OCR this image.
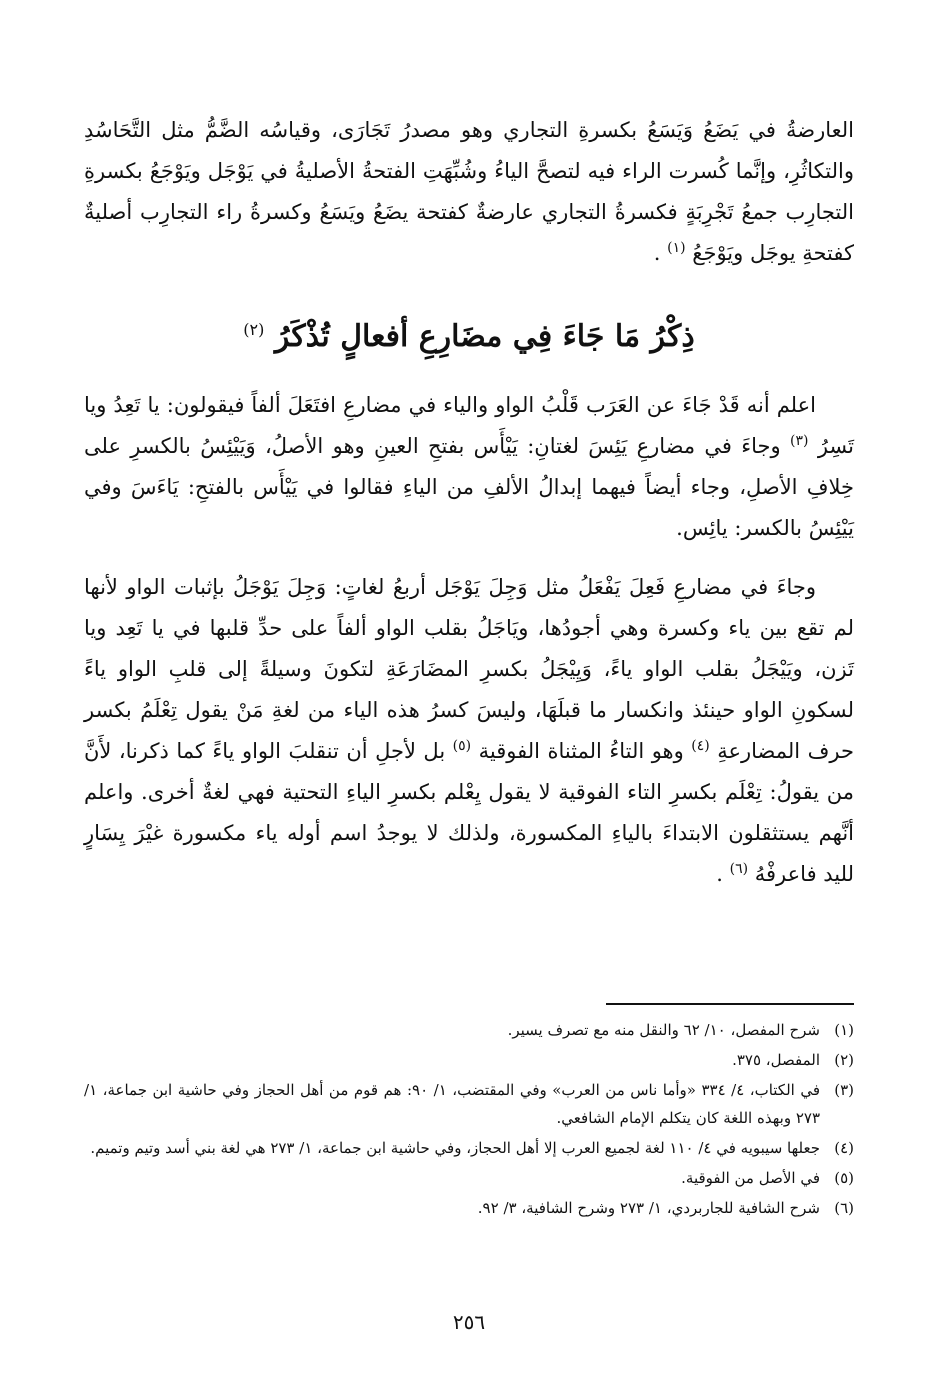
العارضةُ في يَضَعُ وَيَسَعُ بكسرةِ التجاري وهو مصدرُ تَجَارَى، وقياسُه الضَّمُّ مثل التَّحَاسُدِ والتكاثُرِ، وإنَّما كُسرت الراء فيه لتصحَّ الياءُ وشُبِّهَتِ الفتحةُ الأصليةُ في يَوْجَل ويَوْجَعُ بكسرةِ التجارِب جمعُ تَجْرِبَةٍ فكسرةُ التجاري عارضةٌ كفتحة يضَعُ ويَسَعُ وكسرةُ راء التجارِب أصليةٌ كفتحةِ يوجَل ويَوْجَعُ $^{(١)}$ .

ذِكْرُ مَا جَاءَ فِي مضَارِعِ أفعالٍ تُذْكَرُ $^{(٢)}$

اعلم أنه قَدْ جَاءَ عن العَرَب قَلْبُ الواو والياء في مضارعِ افتَعَلَ ألفاً فيقولون: يا تَعِدُ ويا تَسِرُ $^{(٣)}$ وجاءَ في مضارعِ يَئِسَ لغتانِ: يَيْأَس بفتحِ العينِ وهو الأصلُ، وَيَيْئِسُ بالكسرِ على خِلافِ الأصلِ، وجاء أيضاً فيهما إبدالُ الألفِ من الياءِ فقالوا في يَيْأَس بالفتحِ: يَاءَسَ وفي يَيْئِسُ بالكسر: يائِس.

وجاءَ في مضارعِ فَعِلَ يَفْعَلُ مثل وَجِلَ يَوْجَل أربعُ لغاتٍ: وَجِلَ يَوْجَلُ بإثبات الواو لأنها لم تقع بين ياء وكسرة وهي أجودُها، ويَاجَلُ بقلب الواو ألفاً على حدِّ قلبها في يا تَعِد ويا تَزن، ويَيْجَلُ بقلب الواو ياءً، وَيِيْجَلُ بكسرِ المضَارَعَةِ لتكونَ وسيلةً إلى قلبِ الواو ياءً لسكونِ الواو حينئذ وانكسار ما قبلَهَا، وليسَ كسرُ هذه الياء من لغةِ مَنْ يقول تِعْلَمُ بكسر حرف المضارعةِ $^{(٤)}$ وهو التاءُ المثناة الفوقية $^{(٥)}$ بل لأجلِ أن تنقلبَ الواو ياءً كما ذكرنا، لأَنَّ من يقولُ: تِعْلَم بكسرِ التاء الفوقية لا يقول يِعْلم بكسرِ الياءِ التحتية فهي لغةٌ أخرى. واعلم أنَّهم يستثقلون الابتداءَ بالياءِ المكسورة، ولذلك لا يوجدُ اسم أوله ياء مكسورة غيْرَ يِسَارٍ لليد فاعرفْهُ $^{(٦)}$ .

(١)
شرح المفصل، ١٠/ ٦٢ والنقل منه مع تصرف يسير.
(٢)
المفصل، ٣٧٥.
(٣)
في الكتاب، ٤/ ٣٣٤ «وأما ناس من العرب» وفي المقتضب، ١/ ٩٠: هم قوم من أهل الحجاز وفي حاشية ابن جماعة، ١/ ٢٧٣ وبهذه اللغة كان يتكلم الإمام الشافعي.
(٤)
جعلها سيبويه في ٤/ ١١٠ لغة لجميع العرب إلا أهل الحجاز، وفي حاشية ابن جماعة، ١/ ٢٧٣ هي لغة بني أسد وتيم وتميم.
(٥)
في الأصل من الفوقية.
(٦)
شرح الشافية للجاربردي، ١/ ٢٧٣ وشرح الشافية، ٣/ ٩٢.
٢٥٦
